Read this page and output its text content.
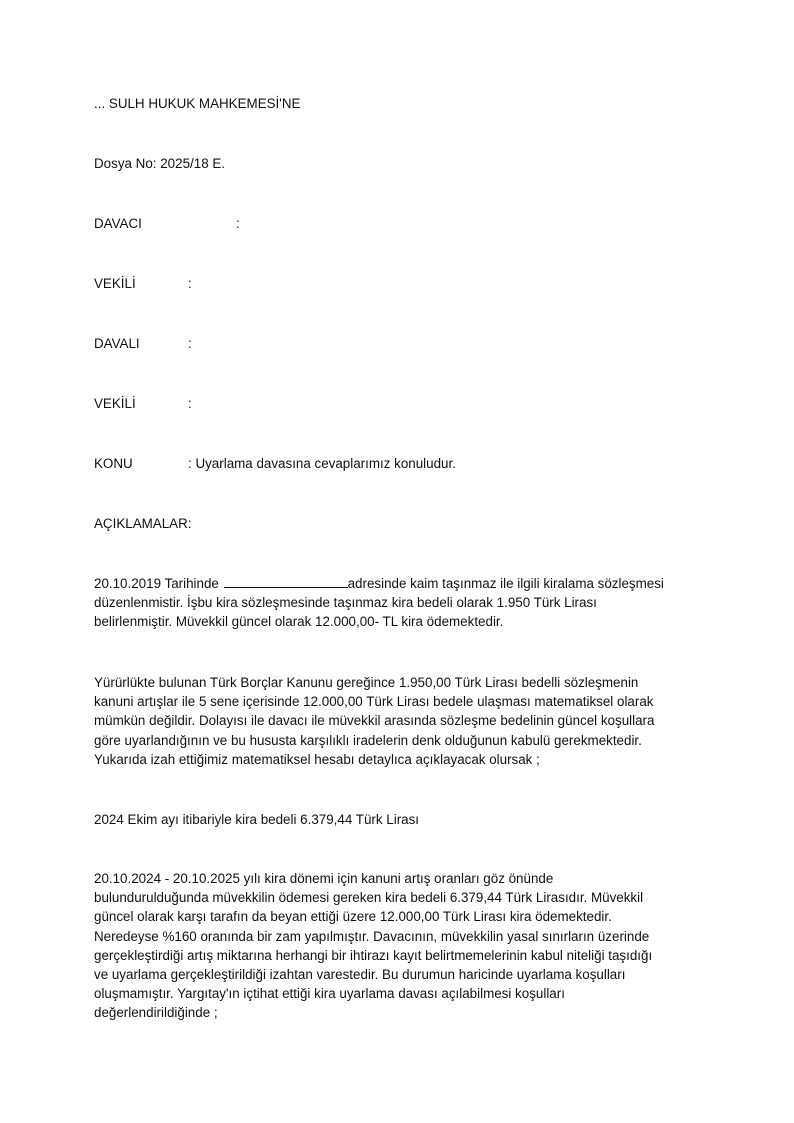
... SULH HUKUK MAHKEMESİ'NE
Dosya No: 2025/18 E.
DAVACI	:
VEKİLİ	:
DAVALI	:
VEKİLİ	:
KONU	: Uyarlama davasına cevaplarımız konuludur.
AÇIKLAMALAR:

20.10.2019 Tarihinde	adresinde kaim taşınmaz ile ilgili kiralama sözleşmesi

düzenlenmistir. İşbu kira sözleşmesinde taşınmaz kira bedeli olarak 1.950 Türk Lirası

belirlenmiştir. Müvekkil güncel olarak 12.000,00- TL kira ödemektedir.

Yürürlükte bulunan Türk Borçlar Kanunu gereğince 1.950,00 Türk Lirası bedelli sözleşmenin

kanuni artışlar ile 5 sene içerisinde 12.000,00 Türk Lirası bedele ulaşması matematiksel olarak

mümkün değildir. Dolayısı ile davacı ile müvekkil arasında sözleşme bedelinin güncel koşullara

göre uyarlandığının ve bu hususta karşılıklı iradelerin denk olduğunun kabulü gerekmektedir.

Yukarıda izah ettiğimiz matematiksel hesabı detaylıca açıklayacak olursak ;

2024 Ekim ayı itibariyle kira bedeli 6.379,44 Türk Lirası

20.10.2024 - 20.10.2025 yılı kira dönemi için kanuni artış oranları göz önünde

bulundurulduğunda müvekkilin ödemesi gereken kira bedeli 6.379,44 Türk Lirasıdır. Müvekkil

güncel olarak karşı tarafın da beyan ettiği üzere 12.000,00 Türk Lirası kira ödemektedir.

Neredeyse %160 oranında bir zam yapılmıştır. Davacının, müvekkilin yasal sınırların üzerinde

gerçekleştirdiği artış miktarına herhangi bir ihtirazı kayıt belirtmemelerinin kabul niteliği taşıdığı

ve uyarlama gerçekleştirildiği izahtan varestedir. Bu durumun haricinde uyarlama koşulları

oluşmamıştır. Yargıtay'ın içtihat ettiği kira uyarlama davası açılabilmesi koşulları

değerlendirildiğinde ;
